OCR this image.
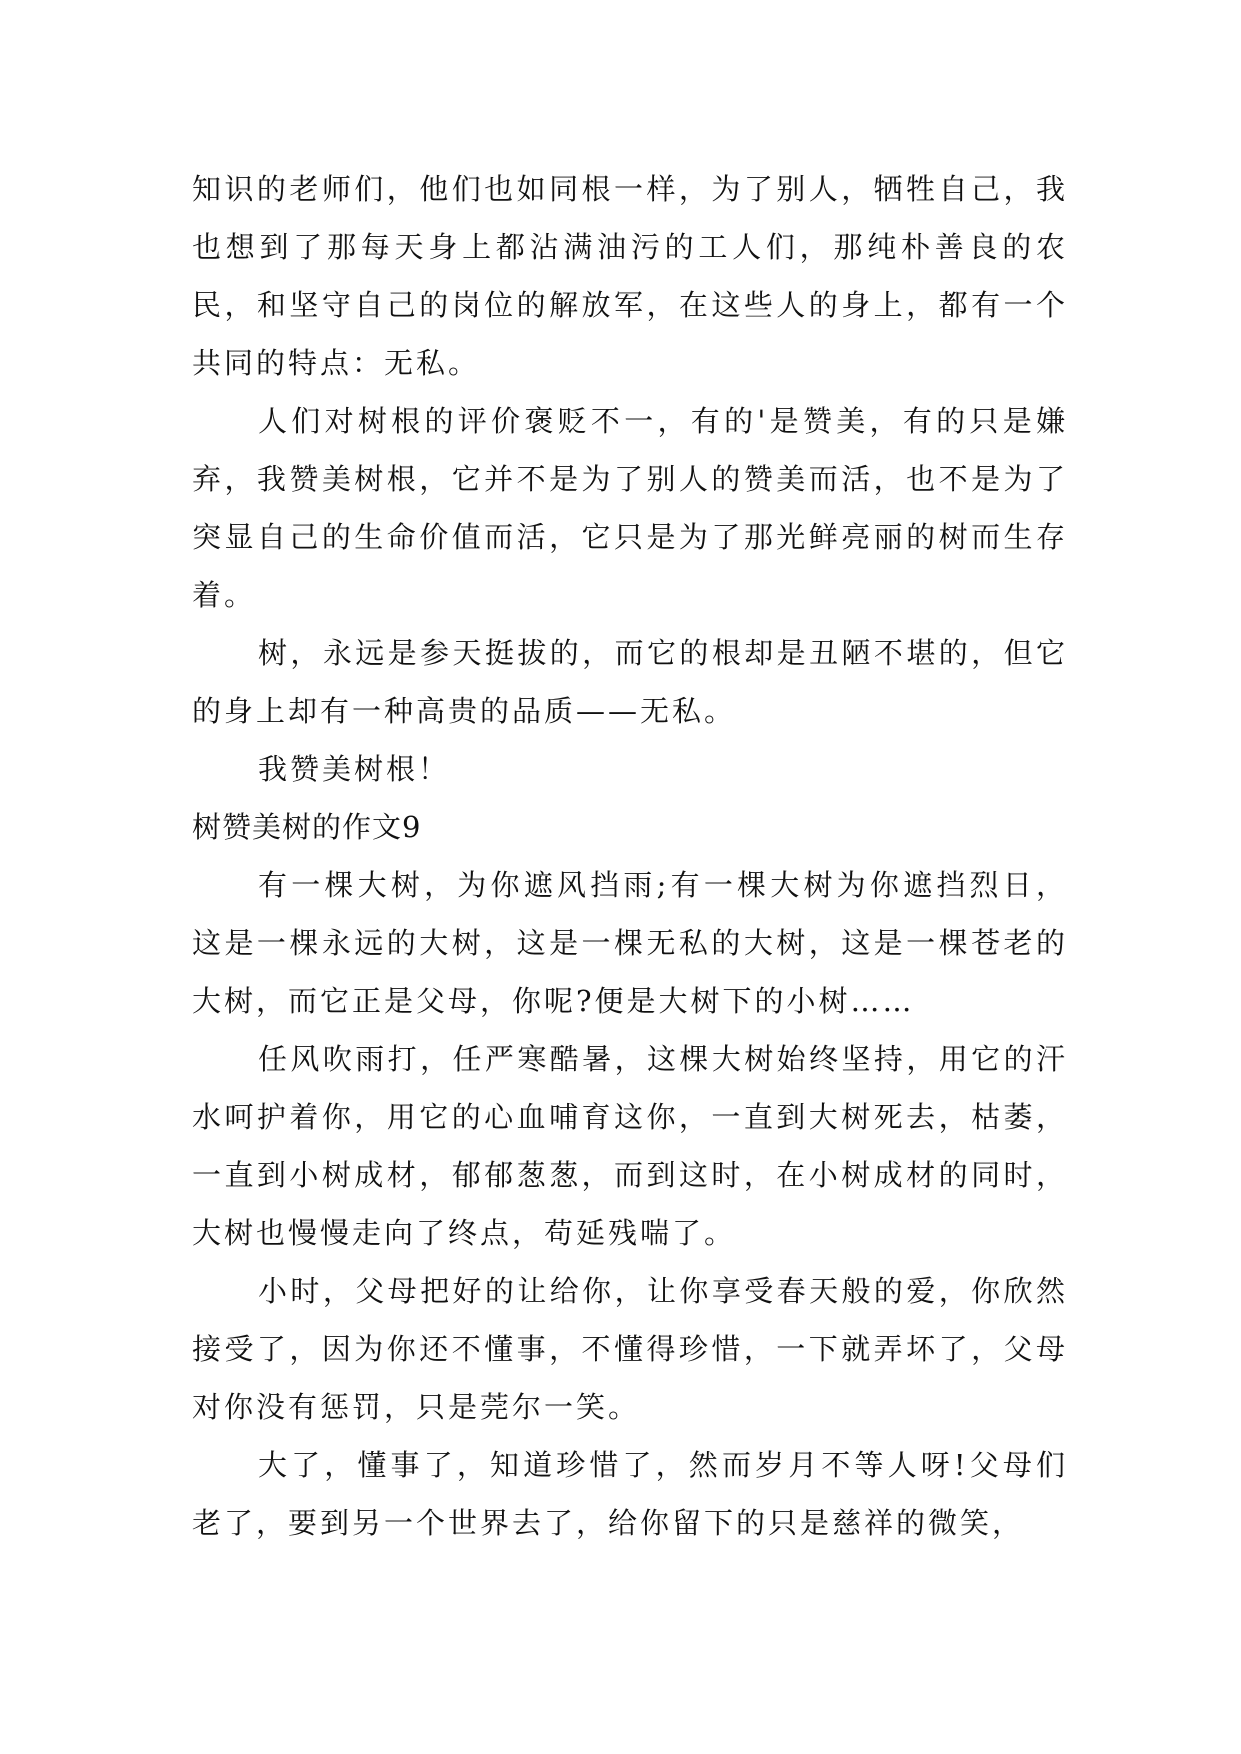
知识的老师们，他们也如同根一样，为了别人，牺牲自己，我也想到了那每天身上都沾满油污的工人们，那纯朴善良的农民，和坚守自己的岗位的解放军，在这些人的身上，都有一个共同的特点：无私。

人们对树根的评价褒贬不一，有的'是赞美，有的只是嫌弃，我赞美树根，它并不是为了别人的赞美而活，也不是为了突显自己的生命价值而活，它只是为了那光鲜亮丽的树而生存着。

树，永远是参天挺拔的，而它的根却是丑陋不堪的，但它的身上却有一种高贵的品质——无私。

我赞美树根！

树赞美树的作文9

有一棵大树，为你遮风挡雨;有一棵大树为你遮挡烈日，这是一棵永远的大树，这是一棵无私的大树，这是一棵苍老的大树，而它正是父母，你呢?便是大树下的小树……

任风吹雨打，任严寒酷暑，这棵大树始终坚持，用它的汗水呵护着你，用它的心血哺育这你，一直到大树死去，枯萎，一直到小树成材，郁郁葱葱，而到这时，在小树成材的同时，大树也慢慢走向了终点，苟延残喘了。

小时，父母把好的让给你，让你享受春天般的爱，你欣然接受了，因为你还不懂事，不懂得珍惜，一下就弄坏了，父母对你没有惩罚，只是莞尔一笑。

大了，懂事了，知道珍惜了，然而岁月不等人呀!父母们老了，要到另一个世界去了，给你留下的只是慈祥的微笑，
